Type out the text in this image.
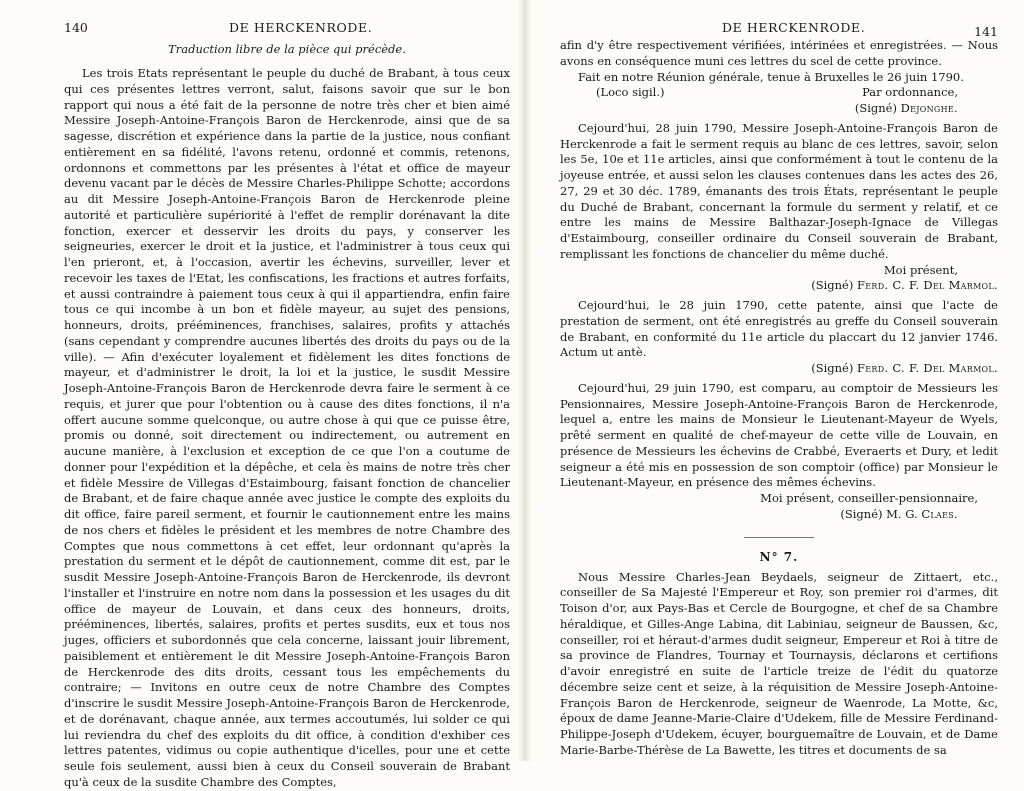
140	DE HERCKENRODE.
Traduction libre de la pièce qui précède.

Les trois Etats représentant le peuple du duché de Brabant, à tous ceux qui ces présentes lettres verront, salut, faisons savoir que sur le bon rapport qui nous a été fait de la personne de notre très cher et bien aimé Messire Joseph-Antoine-François Baron de Herckenrode, ainsi que de sa sagesse, discrétion et expérience dans la partie de la justice, nous confiant entièrement en sa fidélité, l'avons retenu, ordonné et commis, retenons, ordonnons et commettons par les présentes à l'état et office de mayeur devenu vacant par le décès de Messire Charles-Philippe Schotte; accordons au dit Messire Joseph-Antoine-François Baron de Herckenrode pleine autorité et particulière supériorité à l'effet de remplir dorénavant la dite fonction, exercer et desservir les droits du pays, y conserver les seigneuries, exercer le droit et la justice, et l'administrer à tous ceux qui l'en prieront, et, à l'occasion, avertir les échevins, surveiller, lever et recevoir les taxes de l'Etat, les confiscations, les fractions et autres forfaits, et aussi contraindre à paiement tous ceux à qui il appartiendra, enfin faire tous ce qui incombe à un bon et fidèle mayeur, au sujet des pensions, honneurs, droits, prééminences, franchises, salaires, profits y attachés (sans cependant y comprendre aucunes libertés des droits du pays ou de la ville). — Afin d'exécuter loyalement et fidèlement les dites fonctions de mayeur, et d'administrer le droit, la loi et la justice, le susdit Messire Joseph-Antoine-François Baron de Herckenrode devra faire le serment à ce requis, et jurer que pour l'obtention ou à cause des dites fonctions, il n'a offert aucune somme quelconque, ou autre chose à qui que ce puisse être, promis ou donné, soit directement ou indirectement, ou autrement en aucune manière, à l'exclusion et exception de ce que l'on a coutume de donner pour l'expédition et la dépêche, et cela ès mains de notre très cher et fidèle Messire de Villegas d'Estaimbourg, faisant fonction de chancelier de Brabant, et de faire chaque année avec justice le compte des exploits du dit office, faire pareil serment, et fournir le cautionnement entre les mains de nos chers et fidèles le président et les membres de notre Chambre des Comptes que nous commettons à cet effet, leur ordonnant qu'après la prestation du serment et le dépôt de cautionnement, comme dit est, par le susdit Messire Joseph-Antoine-François Baron de Herckenrode, ils devront l'installer et l'instruire en notre nom dans la possession et les usages du dit office de mayeur de Louvain, et dans ceux des honneurs, droits, prééminences, libertés, salaires, profits et pertes susdits, eux et tous nos juges, officiers et subordonnés que cela concerne, laissant jouir librement, paisiblement et entièrement le dit Messire Joseph-Antoine-François Baron de Herckenrode des dits droits, cessant tous les empêchements du contraire; — Invitons en outre ceux de notre Chambre des Comptes d'inscrire le susdit Messire Joseph-Antoine-François Baron de Herckenrode, et de dorénavant, chaque année, aux termes accoutumés, lui solder ce qui lui reviendra du chef des exploits du dit office, à condition d'exhiber ces lettres patentes, vidimus ou copie authentique d'icelles, pour une et cette seule fois seulement, aussi bien à ceux du Conseil souverain de Brabant qu'à ceux de la susdite Chambre des Comptes,

DE HERCKENRODE.	141

afin d'y être respectivement vérifiées, intérinées et enregistrées. — Nous avons en conséquence muni ces lettres du scel de cette province.

Fait en notre Réunion générale, tenue à Bruxelles le 26 juin 1790.

(Loco sigil.)	Par ordonnance,
(Signé) Dejonghe.

Cejourd'hui, 28 juin 1790, Messire Joseph-Antoine-François Baron de Herckenrode a fait le serment requis au blanc de ces lettres, savoir, selon les 5e, 10e et 11e articles, ainsi que conformément à tout le contenu de la joyeuse entrée, et aussi selon les clauses contenues dans les actes des 26, 27, 29 et 30 déc. 1789, émanants des trois États, représentant le peuple du Duché de Brabant, concernant la formule du serment y relatif, et ce entre les mains de Messire Balthazar-Joseph-Ignace de Villegas d'Estaimbourg, conseiller ordinaire du Conseil souverain de Brabant, remplissant les fonctions de chancelier du même duché.

Moi présent,
(Signé) Ferd. C. F. Del Marmol.

Cejourd'hui, le 28 juin 1790, cette patente, ainsi que l'acte de prestation de serment, ont été enregistrés au greffe du Conseil souverain de Brabant, en conformité du 11e article du placcart du 12 janvier 1746. Actum ut antè.

(Signé) Ferd. C. F. Del Marmol.

Cejourd'hui, 29 juin 1790, est comparu, au comptoir de Messieurs les Pensionnaires, Messire Joseph-Antoine-François Baron de Herckenrode, lequel a, entre les mains de Monsieur le Lieutenant-Mayeur de Wyels, prêté serment en qualité de chef-mayeur de cette ville de Louvain, en présence de Messieurs les échevins de Crabbé, Everaerts et Dury, et ledit seigneur a été mis en possession de son comptoir (office) par Monsieur le Lieutenant-Mayeur, en présence des mêmes échevins.

Moi présent, conseiller-pensionnaire,
(Signé) M. G. Claes.
N° 7.

Nous Messire Charles-Jean Beydaels, seigneur de Zittaert, etc., conseiller de Sa Majesté l'Empereur et Roy, son premier roi d'armes, dit Toison d'or, aux Pays-Bas et Cercle de Bourgogne, et chef de sa Chambre héraldique, et Gilles-Ange Labina, dit Labiniau, seigneur de Baussen, &c, conseiller, roi et héraut-d'armes dudit seigneur, Empereur et Roi à titre de sa province de Flandres, Tournay et Tournaysis, déclarons et certifions d'avoir enregistré en suite de l'article treize de l'édit du quatorze décembre seize cent et seize, à la réquisition de Messire Joseph-Antoine-François Baron de Herckenrode, seigneur de Waenrode, La Motte, &c, époux de dame Jeanne-Marie-Claire d'Udekem, fille de Messire Ferdinand-Philippe-Joseph d'Udekem, écuyer, bourguemaître de Louvain, et de Dame Marie-Barbe-Thérèse de La Bawette, les titres et documents de sa
